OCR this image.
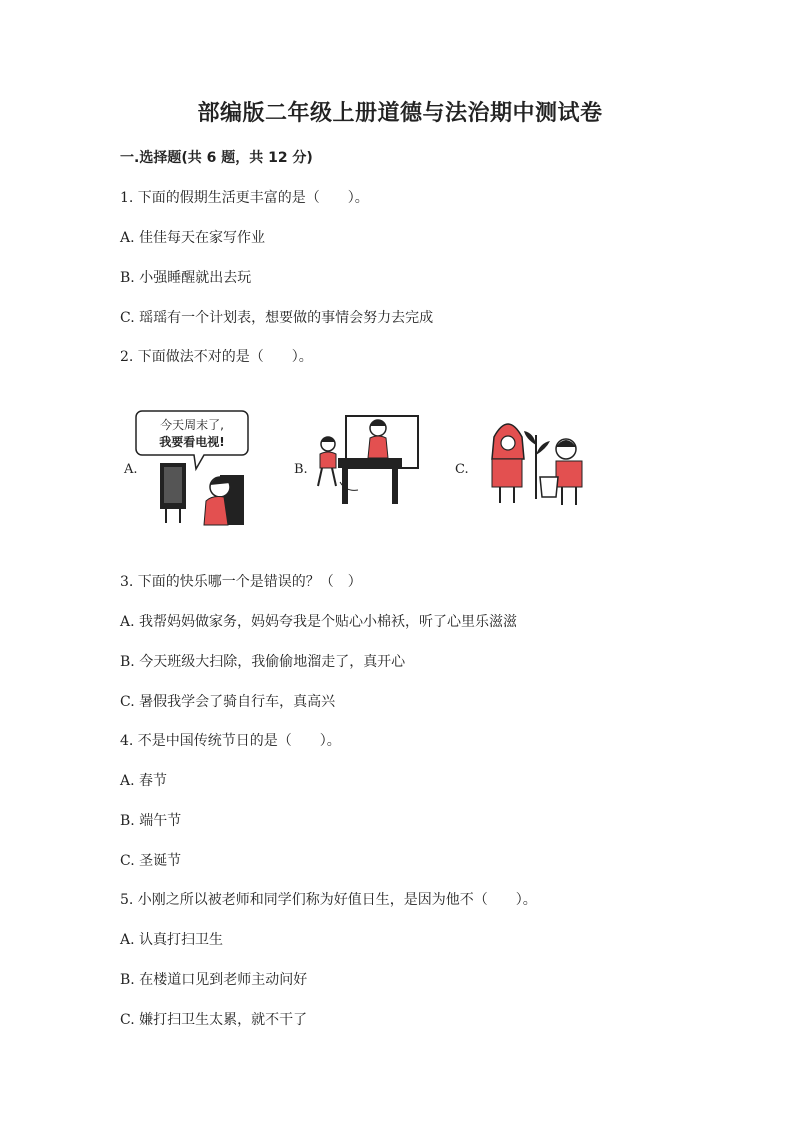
部编版二年级上册道德与法治期中测试卷
一.选择题(共 6 题，共 12 分)
1. 下面的假期生活更丰富的是（　　）。
A. 佳佳每天在家写作业
B. 小强睡醒就出去玩
C. 瑶瑶有一个计划表，想要做的事情会努力去完成
2. 下面做法不对的是（　　）。
A.	B.	C.
今天周末了,
我要看电视!
3. 下面的快乐哪一个是错误的？（　）
A. 我帮妈妈做家务，妈妈夸我是个贴心小棉袄，听了心里乐滋滋
B. 今天班级大扫除，我偷偷地溜走了，真开心
C. 暑假我学会了骑自行车，真高兴
4. 不是中国传统节日的是（　　）。
A. 春节
B. 端午节
C. 圣诞节
5. 小刚之所以被老师和同学们称为好值日生，是因为他不（　　）。
A. 认真打扫卫生
B. 在楼道口见到老师主动问好
C. 嫌打扫卫生太累，就不干了
